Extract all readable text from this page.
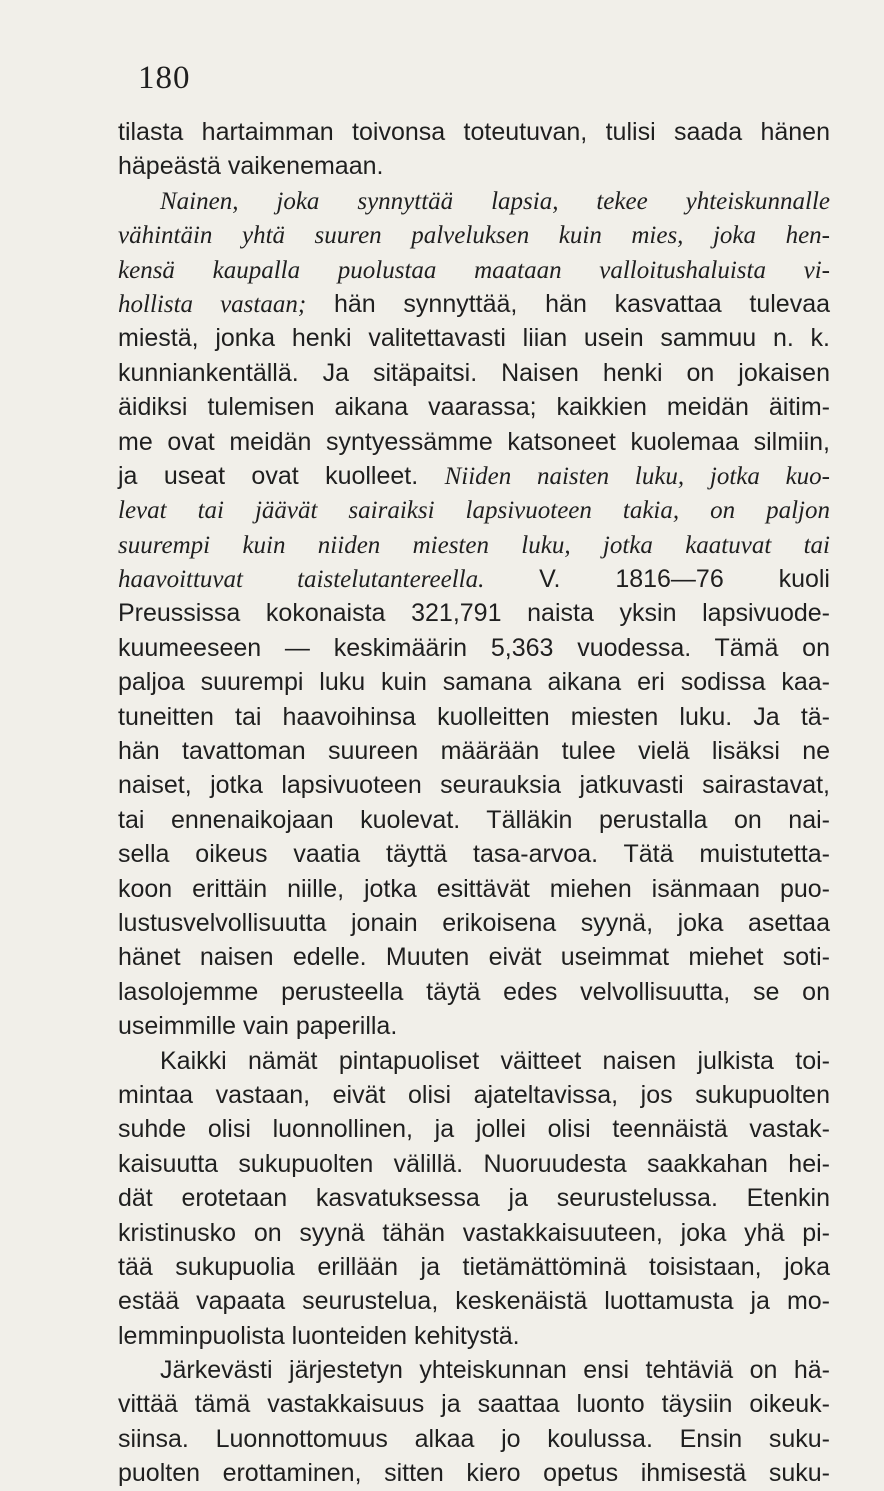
180
tilasta hartaimman toivonsa toteutuvan, tulisi saada hänen
häpeästä vaikenemaan.
Nainen, joka synnyttää lapsia, tekee yhteiskunnalle
vähintäin yhtä suuren palveluksen kuin mies, joka hen-
kensä kaupalla puolustaa maataan valloitushaluista vi-
hollista vastaan; hän synnyttää, hän kasvattaa tulevaa
miestä, jonka henki valitettavasti liian usein sammuu n. k.
kunniankentällä. Ja sitäpaitsi. Naisen henki on jokaisen
äidiksi tulemisen aikana vaarassa; kaikkien meidän äitim-
me ovat meidän syntyessämme katsoneet kuolemaa silmiin,
ja useat ovat kuolleet. Niiden naisten luku, jotka kuo-
levat tai jäävät sairaiksi lapsivuoteen takia, on paljon
suurempi kuin niiden miesten luku, jotka kaatuvat tai
haavoittuvat taistelutantereella. V. 1816—76 kuoli
Preussissa kokonaista 321,791 naista yksin lapsivuode-
kuumeeseen — keskimäärin 5,363 vuodessa. Tämä on
paljoa suurempi luku kuin samana aikana eri sodissa kaa-
tuneitten tai haavoihinsa kuolleitten miesten luku. Ja tä-
hän tavattoman suureen määrään tulee vielä lisäksi ne
naiset, jotka lapsivuoteen seurauksia jatkuvasti sairastavat,
tai ennenaikojaan kuolevat. Tälläkin perustalla on nai-
sella oikeus vaatia täyttä tasa-arvoa. Tätä muistutetta-
koon erittäin niille, jotka esittävät miehen isänmaan puo-
lustusvelvollisuutta jonain erikoisena syynä, joka asettaa
hänet naisen edelle. Muuten eivät useimmat miehet soti-
lasolojemme perusteella täytä edes velvollisuutta, se on
useimmille vain paperilla.
Kaikki nämät pintapuoliset väitteet naisen julkista toi-
mintaa vastaan, eivät olisi ajateltavissa, jos sukupuolten
suhde olisi luonnollinen, ja jollei olisi teennäistä vastak-
kaisuutta sukupuolten välillä. Nuoruudesta saakkahan hei-
dät erotetaan kasvatuksessa ja seurustelussa. Etenkin
kristinusko on syynä tähän vastakkaisuuteen, joka yhä pi-
tää sukupuolia erillään ja tietämättöminä toisistaan, joka
estää vapaata seurustelua, keskenäistä luottamusta ja mo-
lemminpuolista luonteiden kehitystä.
Järkevästi järjestetyn yhteiskunnan ensi tehtäviä on hä-
vittää tämä vastakkaisuus ja saattaa luonto täysiin oikeuk-
siinsa. Luonnottomuus alkaa jo koulussa. Ensin suku-
puolten erottaminen, sitten kiero opetus ihmisestä suku-
